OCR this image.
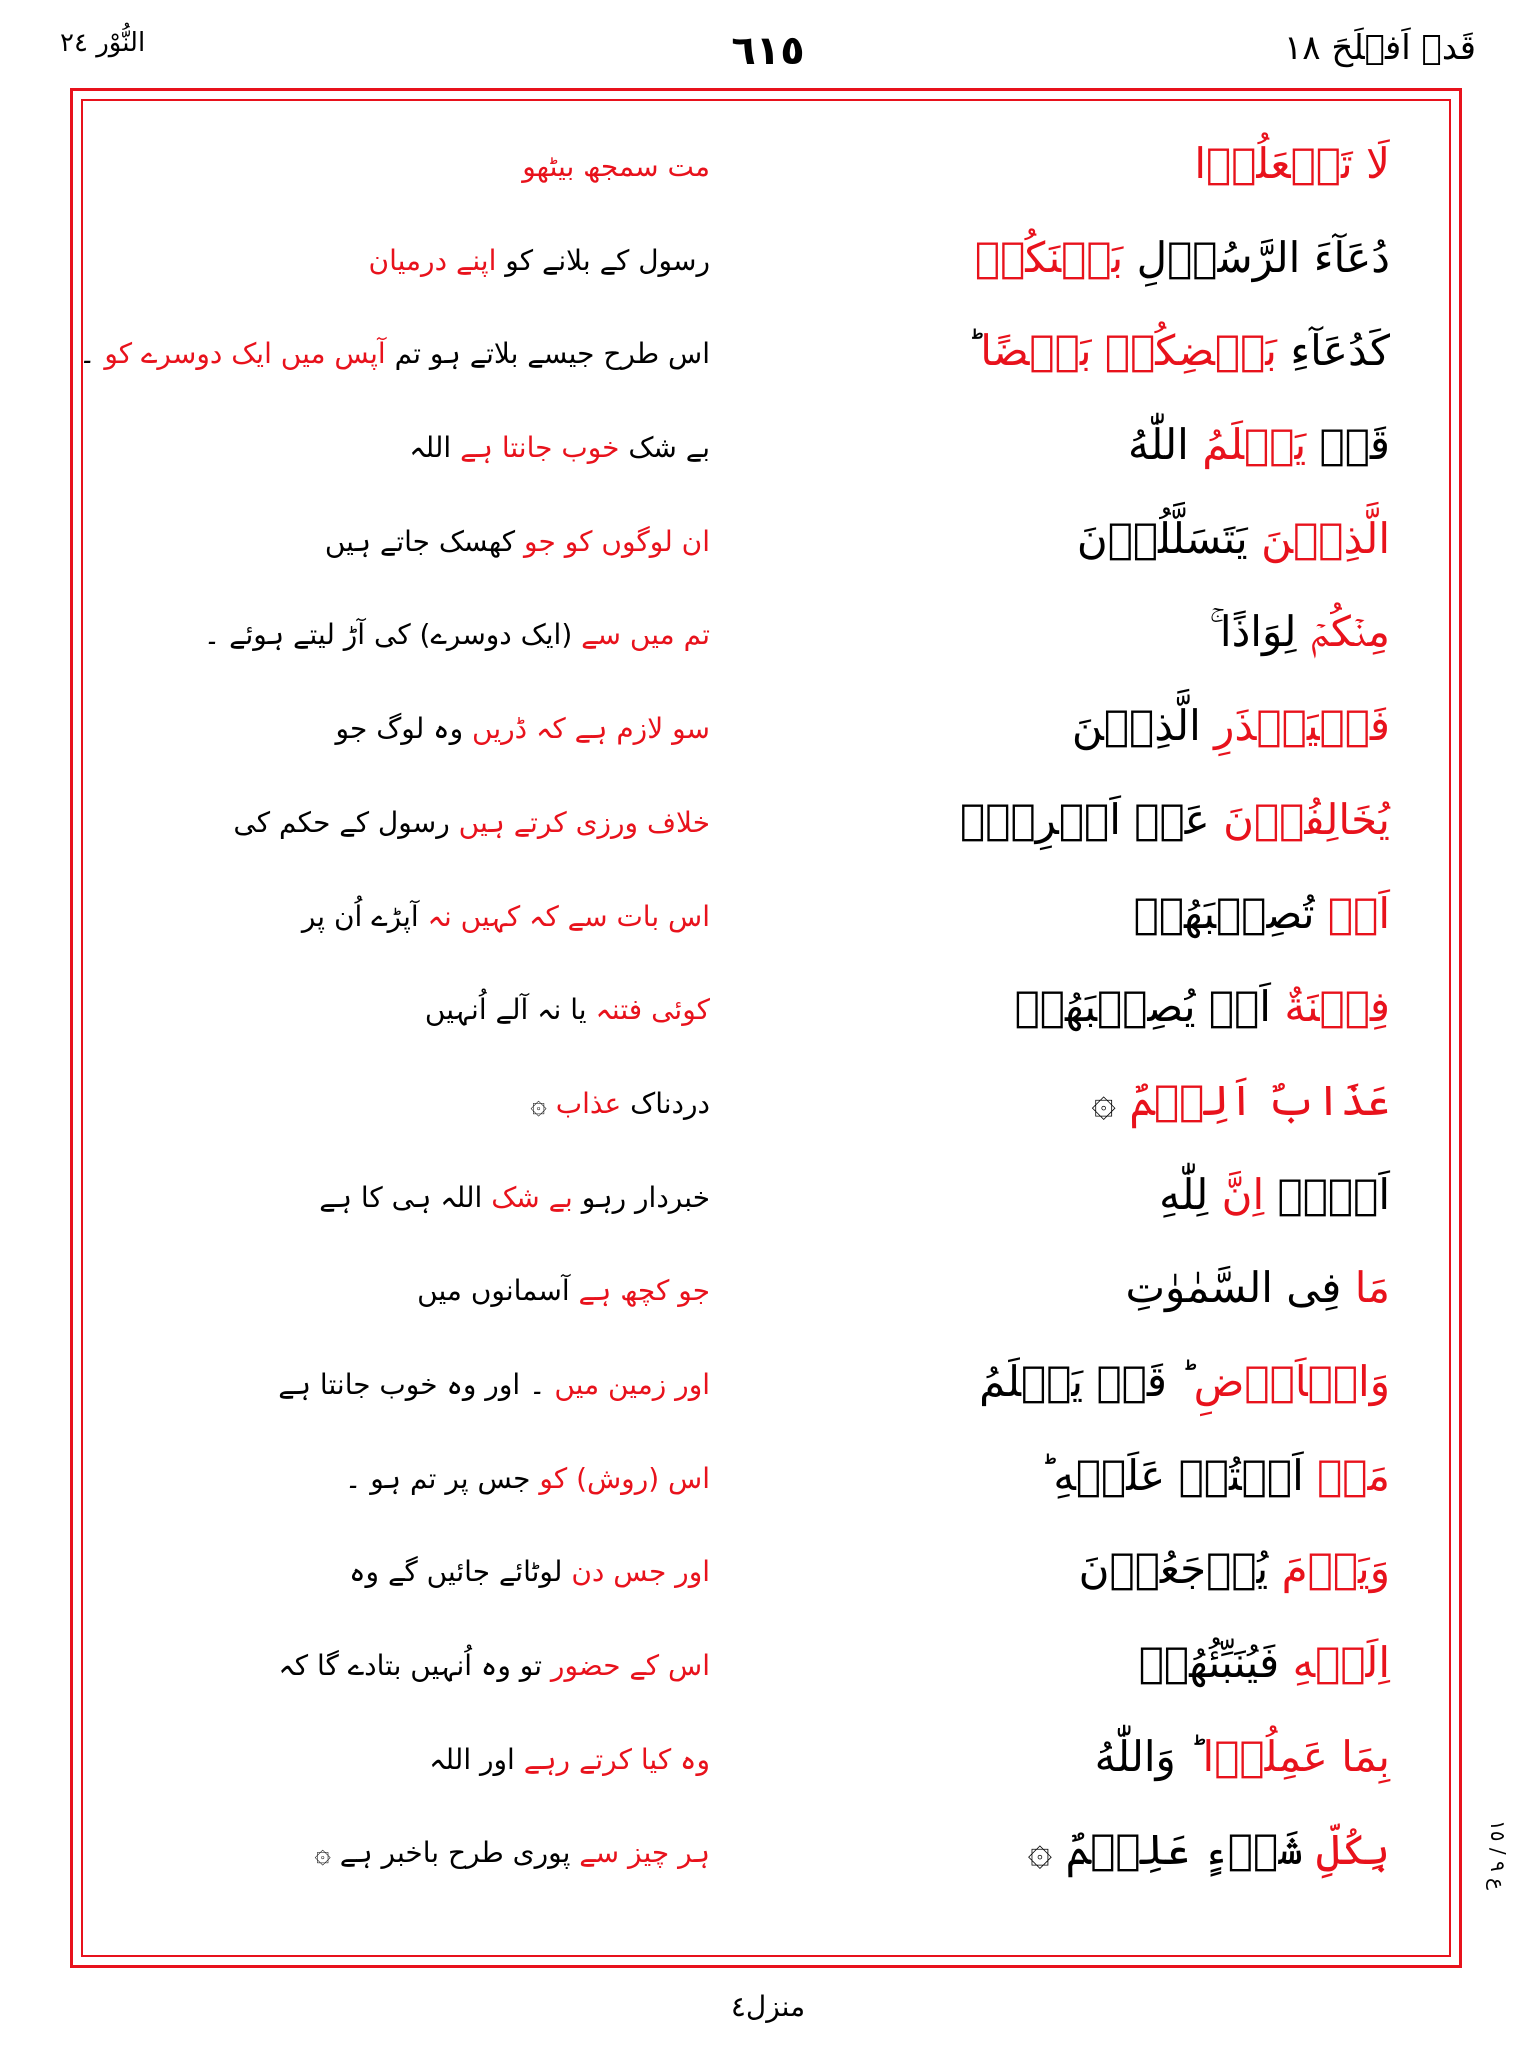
النُّوْر ٢٤	٦١٥	قَدۡ اَفۡلَحَ ١٨
لَا تَجۡعَلُوۡا
مت سمجھ بیٹھو
دُعَآءَ الرَّسُوۡلِ بَيۡنَكُمۡ
رسول کے بلانے کو اپنے درمیان
كَدُعَآءِ بَعۡضِكُمۡ بَعۡضًا ؕ
اس طرح جیسے بلاتے ہو تم آپس میں ایک دوسرے کو ۔
قَدۡ يَعۡلَمُ اللّٰهُ
بے شک خوب جانتا ہے اللہ
الَّذِيۡنَ يَتَسَلَّلُوۡنَ
ان لوگوں کو جو کھسک جاتے ہیں
مِنۡكُمۡ لِوَاذًا ۚ
تم میں سے (ایک دوسرے) کی آڑ لیتے ہوئے ۔
فَلۡيَحۡذَرِ الَّذِيۡنَ
سو لازم ہے کہ ڈریں وہ لوگ جو
يُخَالِفُوۡنَ عَنۡ اَمۡرِهٖۤ
خلاف ورزی کرتے ہیں رسول کے حکم کی
اَنۡ تُصِيۡبَهُمۡ
اس بات سے کہ کہیں نہ آپڑے اُن پر
فِتۡنَةٌ اَوۡ يُصِيۡبَهُمۡ
کوئی فتنہ یا نہ آلے اُنہیں
عَذَابٌ اَلِيۡمٌ ۞
دردناک عذاب ۞
اَلَاۤ اِنَّ لِلّٰهِ
خبردار رہو بے شک اللہ ہی کا ہے
مَا فِى السَّمٰوٰتِ
جو کچھ ہے آسمانوں میں
وَالۡاَرۡضِ ؕ قَدۡ يَعۡلَمُ
اور زمین میں ۔ اور وہ خوب جانتا ہے
مَاۤ اَنۡتُمۡ عَلَيۡهِ ؕ
اس (روش) کو جس پر تم ہو ۔
وَيَوۡمَ يُرۡجَعُوۡنَ
اور جس دن لوٹائے جائیں گے وہ
اِلَيۡهِ فَيُنَبِّئُهُمۡ
اس کے حضور تو وہ اُنہیں بتادے گا کہ
بِمَا عَمِلُوۡا ؕ وَاللّٰهُ
وہ کیا کرتے رہے اور اللہ
بِكُلِّ شَىۡءٍ عَلِيۡمٌ ۞
ہر چیز سے پوری طرح باخبر ہے ۞
ع ٩ / ١٥
منزل٤
